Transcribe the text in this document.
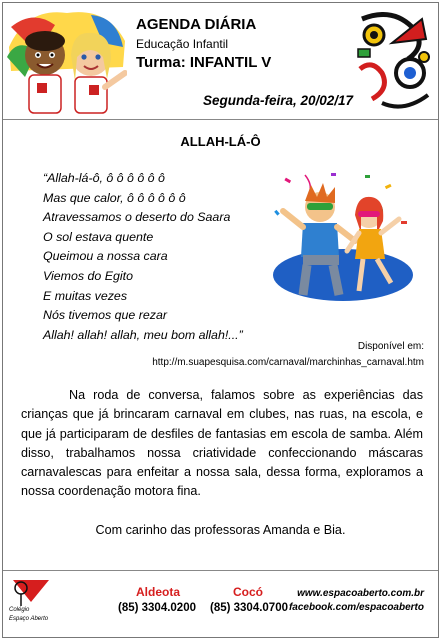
AGENDA DIÁRIA
Educação Infantil
Turma: INFANTIL V
Segunda-feira, 20/02/17
ALLAH-LÁ-Ô
“Allah-lá-ô, ô ô ô ô ô ô
Mas que calor, ô ô ô ô ô ô
Atravessamos o deserto do Saara
O sol estava quente
Queimou a nossa cara
Viemos do Egito
E muitas vezes
Nós tivemos que rezar
Allah! allah! allah, meu bom allah!...”
Disponível em:
http://m.suapesquisa.com/carnaval/marchinhas_carnaval.htm

Na roda de conversa, falamos sobre as experiências das crianças que já brincaram carnaval em clubes, nas ruas, na escola, e que já participaram de desfiles de fantasias em escola de samba. Além disso, trabalhamos nossa criatividade confeccionando máscaras carnavalescas para enfeitar a nossa sala, dessa forma, exploramos a nossa coordenação motora fina.

Com carinho das professoras Amanda e Bia.
Colégio
Espaço Aberto
Aldeota
(85) 3304.0200
Cocó
(85) 3304.0700
www.espacoaberto.com.br
facebook.com/espacoaberto
